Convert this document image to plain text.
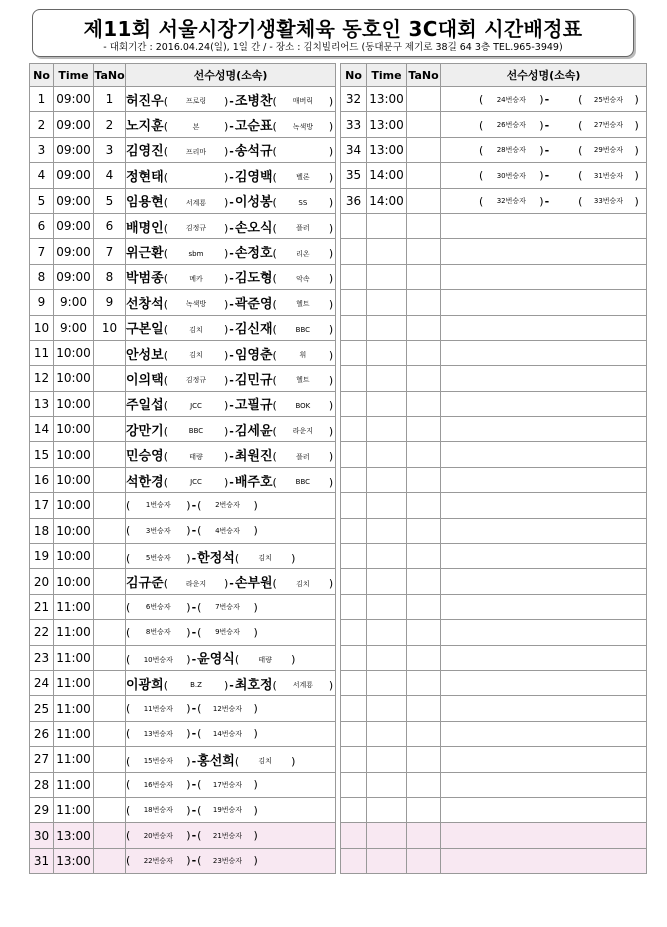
제11회 서울시장기생활체육 동호인 3C대회 시간배정표
- 대회기간 : 2016.04.24(일), 1일 간 / - 장소 : 김치빌리어드 (동대문구 제기로 38길 64 3층 TEL.965-3949)
No	Time	TaNo	선수성명(소속)
1	09:00	1	허진우( 프로링 )-조병찬( 매버릭 )
2	09:00	2	노지훈( 본 )-고순표( 녹색방 )
3	09:00	3	김영진( 프리마 )-송석규( )
4	09:00	4	정현태( )-김영백( 벨론 )
5	09:00	5	임용현( 서계룡 )-이성봉( SS )
6	09:00	6	배명인( 김정규 )-손오식( 플러 )
7	09:00	7	위근환( sbm )-손정호( 리온 )
8	09:00	8	박범종( 메카 )-김도형( 악속 )
9	9:00	9	선창석( 녹색방 )-곽준영( 헬트 )
10	9:00	10	구본일( 김치 )-김신재( BBC )
11	10:00		안성보( 김치 )-임영춘( 휘 )
12	10:00		이의택( 김정규 )-김민규( 헬트 )
13	10:00		주일섭( JCC )-고필규( BOK )
14	10:00		강만기( BBC )-김세윤( 라운지 )
15	10:00		민승영( 태량 )-최원진( 플러 )
16	10:00		석한경( JCC )-배주호( BBC )
17	10:00		( 1번승자 )-( 2번승자 )
18	10:00		( 3번승자 )-( 4번승자 )
19	10:00		( 5번승자 )-한정석( 김치 )
20	10:00		김규준( 라운지 )-손부원( 김치 )
21	11:00		( 6번승자 )-( 7번승자 )
22	11:00		( 8번승자 )-( 9번승자 )
23	11:00		( 10번승자 )-윤영식( 태량 )
24	11:00		이광희( B.Z )-최호정( 서계룡 )
25	11:00		( 11번승자 )-( 12번승자 )
26	11:00		( 13번승자 )-( 14번승자 )
27	11:00		( 15번승자 )-홍선희( 김치 )
28	11:00		( 16번승자 )-( 17번승자 )
29	11:00		( 18번승자 )-( 19번승자 )
30	13:00		( 20번승자 )-( 21번승자 )
31	13:00		( 22번승자 )-( 23번승자 )
No	Time	TaNo	선수성명(소속)
32	13:00		( 24번승자 )- ( 25번승자 )
33	13:00		( 26번승자 )- ( 27번승자 )
34	13:00		( 28번승자 )- ( 29번승자 )
35	14:00		( 30번승자 )- ( 31번승자 )
36	14:00		( 32번승자 )- ( 33번승자 )
